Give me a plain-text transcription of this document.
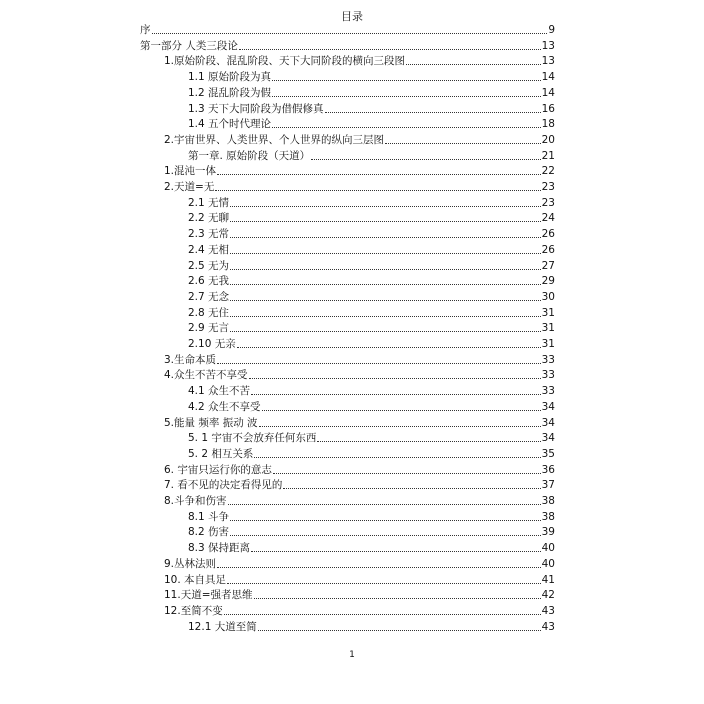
目录
序	9
第一部分 人类三段论	13
1.原始阶段、混乱阶段、天下大同阶段的横向三段图	13
1.1 原始阶段为真	14
1.2 混乱阶段为假	14
1.3 天下大同阶段为借假修真	16
1.4 五个时代理论	18
2.宇宙世界、人类世界、个人世界的纵向三层图	20
第一章. 原始阶段（天道）	21
1.混沌一体	22
2.天道=无	23
2.1 无情	23
2.2 无聊	24
2.3 无常	26
2.4 无相	26
2.5 无为	27
2.6 无我	29
2.7 无念	30
2.8 无住	31
2.9 无言	31
2.10 无亲	31
3.生命本质	33
4.众生不苦不享受	33
4.1 众生不苦	33
4.2 众生不享受	34
5.能量 频率 振动 波	34
5. 1 宇宙不会放弃任何东西	34
5. 2 相互关系	35
6. 宇宙只运行你的意志	36
7. 看不见的决定看得见的	37
8.斗争和伤害	38
8.1 斗争	38
8.2 伤害	39
8.3 保持距离	40
9.丛林法则	40
10. 本自具足	41
11.天道=强者思维	42
12.至简不变	43
12.1 大道至简	43
1
